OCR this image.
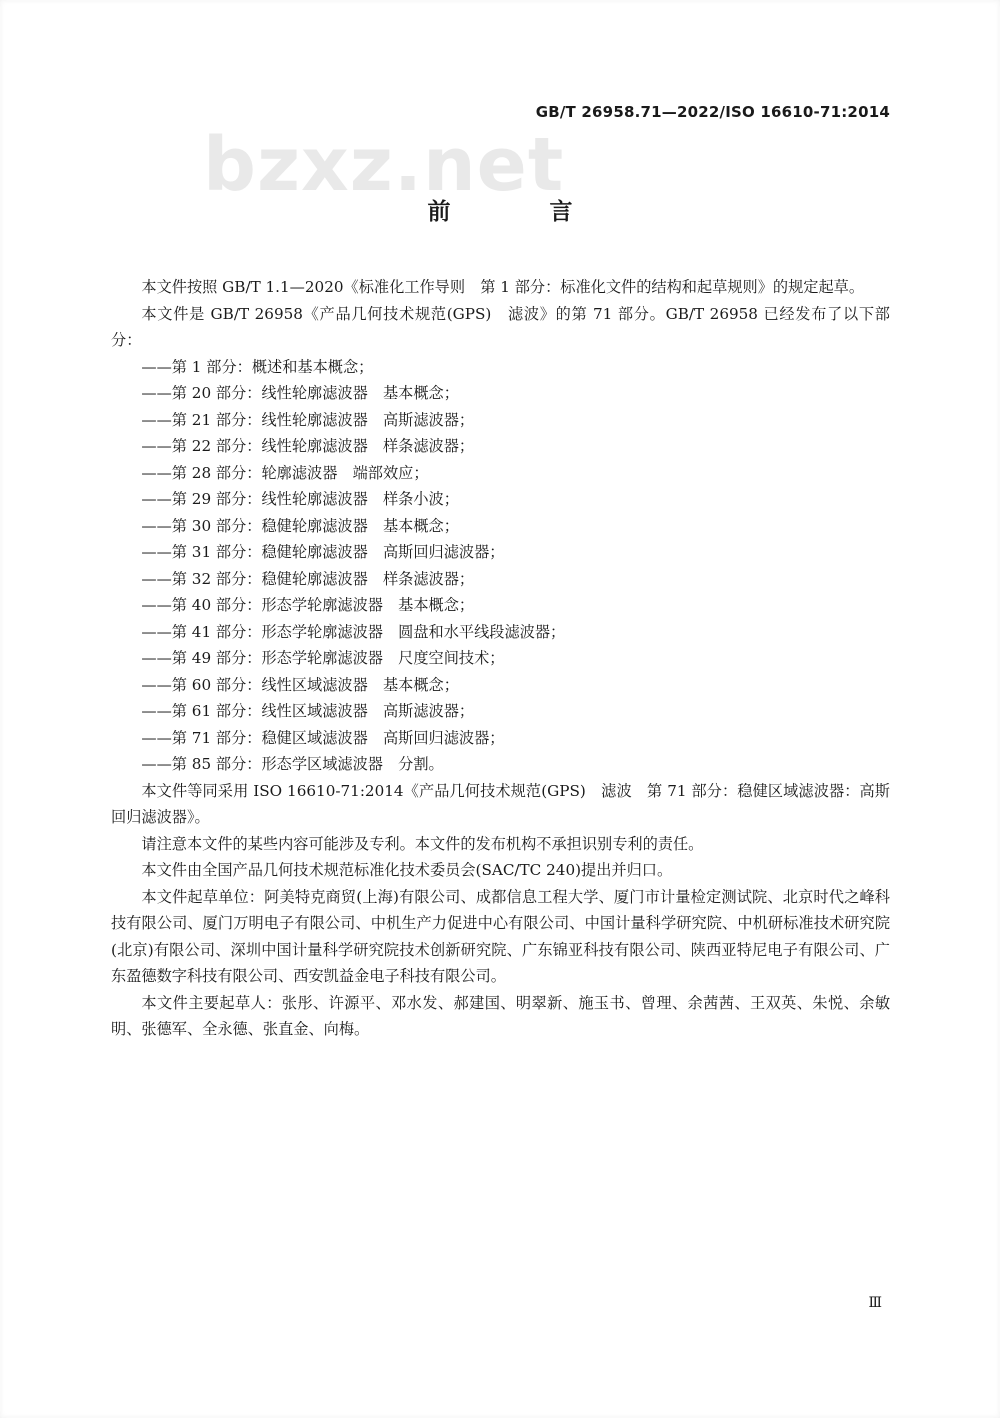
GB/T 26958.71—2022/ISO 16610-71:2014
bzxz.net
前　言

本文件按照 GB/T 1.1—2020《标准化工作导则　第 1 部分：标准化文件的结构和起草规则》的规定起草。

本文件是 GB/T 26958《产品几何技术规范(GPS)　滤波》的第 71 部分。GB/T 26958 已经发布了以下部分：

——第 1 部分：概述和基本概念；
——第 20 部分：线性轮廓滤波器　基本概念；
——第 21 部分：线性轮廓滤波器　高斯滤波器；
——第 22 部分：线性轮廓滤波器　样条滤波器；
——第 28 部分：轮廓滤波器　端部效应；
——第 29 部分：线性轮廓滤波器　样条小波；
——第 30 部分：稳健轮廓滤波器　基本概念；
——第 31 部分：稳健轮廓滤波器　高斯回归滤波器；
——第 32 部分：稳健轮廓滤波器　样条滤波器；
——第 40 部分：形态学轮廓滤波器　基本概念；
——第 41 部分：形态学轮廓滤波器　圆盘和水平线段滤波器；
——第 49 部分：形态学轮廓滤波器　尺度空间技术；
——第 60 部分：线性区域滤波器　基本概念；
——第 61 部分：线性区域滤波器　高斯滤波器；
——第 71 部分：稳健区域滤波器　高斯回归滤波器；
——第 85 部分：形态学区域滤波器　分割。

本文件等同采用 ISO 16610-71:2014《产品几何技术规范(GPS)　滤波　第 71 部分：稳健区域滤波器：高斯回归滤波器》。

请注意本文件的某些内容可能涉及专利。本文件的发布机构不承担识别专利的责任。

本文件由全国产品几何技术规范标准化技术委员会(SAC/TC 240)提出并归口。

本文件起草单位：阿美特克商贸(上海)有限公司、成都信息工程大学、厦门市计量检定测试院、北京时代之峰科技有限公司、厦门万明电子有限公司、中机生产力促进中心有限公司、中国计量科学研究院、中机研标准技术研究院(北京)有限公司、深圳中国计量科学研究院技术创新研究院、广东锦亚科技有限公司、陕西亚特尼电子有限公司、广东盈德数字科技有限公司、西安凯益金电子科技有限公司。

本文件主要起草人：张彤、许源平、邓水发、郝建国、明翠新、施玉书、曾理、余茜茜、王双英、朱悦、余敏明、张德军、全永德、张直金、向梅。

Ⅲ
